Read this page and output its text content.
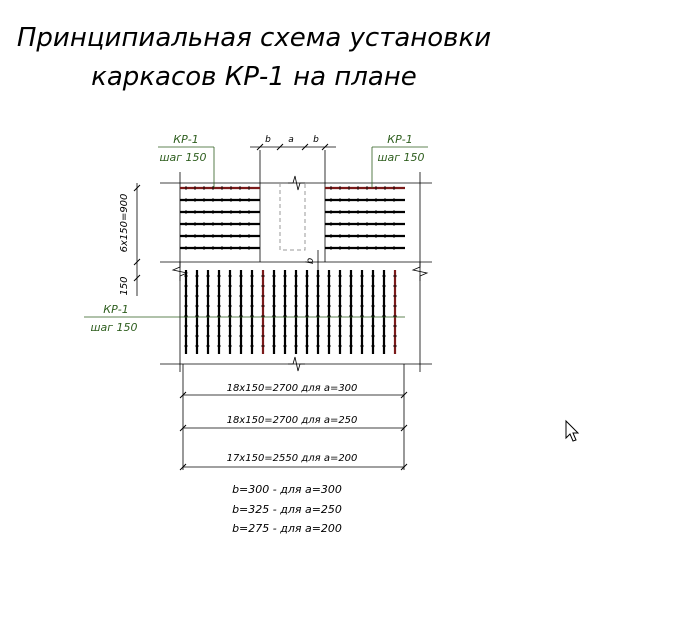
Принципиальная схема установки
каркасов КР-1 на плане
КР-1
шаг 150
КР-1
шаг 150
КР-1
шаг 150
b a b
6х150=900
150
b
18х150=2700 для a=300
18х150=2700 для a=250
17х150=2550 для a=200
b=300 - для a=300
b=325 - для a=250
b=275 - для a=200
